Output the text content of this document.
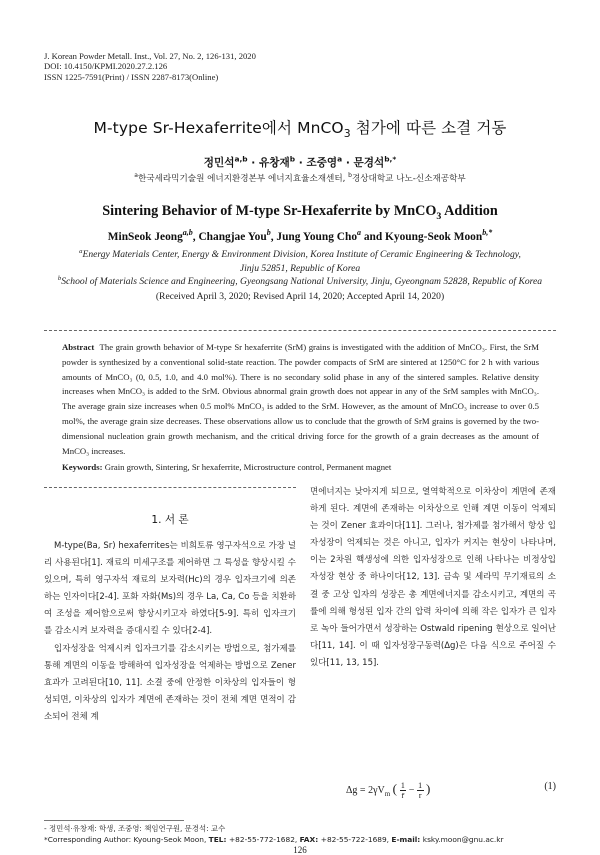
J. Korean Powder Metall. Inst., Vol. 27, No. 2, 126-131, 2020
DOI: 10.4150/KPMI.2020.27.2.126
ISSN 1225-7591(Print) / ISSN 2287-8173(Online)
M-type Sr-Hexaferrite에서 MnCO$_3$ 첨가에 따른 소결 거동
정민석$^{a,b}$ · 유창재$^b$ · 조중영$^a$ · 문경석$^{b,*}$
$^a$한국세라믹기술원 에너지환경본부 에너지효율소재센터, $^b$경상대학교 나노-신소재공학부
Sintering Behavior of M-type Sr-Hexaferrite by MnCO$_3$ Addition
MinSeok Jeong$^{a,b}$, Changjae You$^b$, Jung Young Cho$^a$ and Kyoung-Seok Moon$^{b,*}$
$^a$Energy Materials Center, Energy & Environment Division, Korea Institute of Ceramic Engineering & Technology,
Jinju 52851, Republic of Korea
$^b$School of Materials Science and Engineering, Gyeongsang National University, Jinju, Gyeongnam 52828, Republic of Korea
(Received April 3, 2020; Revised April 14, 2020; Accepted April 14, 2020)
Abstract The grain growth behavior of M-type Sr hexaferrite (SrM) grains is investigated with the addition of MnCO₃. First, the SrM powder is synthesized by a conventional solid-state reaction. The powder compacts of SrM are sintered at 1250°C for 2 h with various amounts of MnCO₃ (0, 0.5, 1.0, and 4.0 mol%). There is no secondary solid phase in any of the sintered samples. Relative density increases when MnCO₃ is added to the SrM. Obvious abnormal grain growth does not appear in any of the SrM samples with MnCO₃. The average grain size increases when 0.5 mol% MnCO₃ is added to the SrM. However, as the amount of MnCO₃ increase to over 0.5 mol%, the average grain size decreases. These observations allow us to conclude that the growth of SrM grains is governed by the two-dimensional nucleation grain growth mechanism, and the critical driving force for the growth of a grain decreases as the amount of MnCO₃ increases.
Keywords: Grain growth, Sintering, Sr hexaferrite, Microstructure control, Permanent magnet
1. 서 론

M-type(Ba, Sr) hexaferrites는 비희토류 영구자석으로 가장 널리 사용된다[1]. 재료의 미세구조를 제어하면 그 특성을 향상시킬 수 있으며, 특히 영구자석 재료의 보자력(Hc)의 경우 입자크기에 의존하는 인자이다[2-4]. 포화 자화(Ms)의 경우 La, Ca, Co 등을 치환하여 조성을 제어함으로써 향상시키고자 하였다[5-9]. 특히 입자크기를 감소시켜 보자력을 증대시킬 수 있다[2-4].

입자성장을 억제시켜 입자크기를 감소시키는 방법으로, 첨가제를 통해 계면의 이동을 방해하여 입자성장을 억제하는 방법으로 Zener 효과가 고려된다[10, 11]. 소결 중에 안정한 이차상의 입자들이 형성되면, 이차상의 입자가 계면에 존재하는 것이 전체 계면 면적이 감소되어 전체 계

면에너지는 낮아지게 되므로, 열역학적으로 이차상이 계면에 존재하게 된다. 계면에 존재하는 이차상으로 인해 계면 이동이 억제되는 것이 Zener 효과이다[11]. 그러나, 첨가제를 첨가해서 항상 입자성장이 억제되는 것은 아니고, 입자가 커지는 현상이 나타나며, 이는 2차원 핵생성에 의한 입자성장으로 인해 나타나는 비정상입자성장 현상 중 하나이다[12, 13]. 금속 및 세라믹 무기재료의 소결 중 고상 입자의 성장은 총 계면에너지를 감소시키고, 계면의 곡률에 의해 형성된 입자 간의 압력 차이에 의해 작은 입자가 큰 입자로 녹아 들어가면서 성장하는 Ostwald ripening 현상으로 일어난다[11, 14]. 이 때 입자성장구동력(Δg)은 다음 식으로 주어질 수 있다[11, 13, 15].

$\Delta g = 2\gamma V_m$ ( $\frac{1}{r̄} - \frac{1}{r}$ )	(1)
- 정민석·유창재: 학생, 조중영: 책임연구원, 문경석: 교수
*Corresponding Author: Kyoung-Seok Moon, TEL: +82-55-772-1682, FAX: +82-55-722-1689, E-mail: ksky.moon@gnu.ac.kr
126
